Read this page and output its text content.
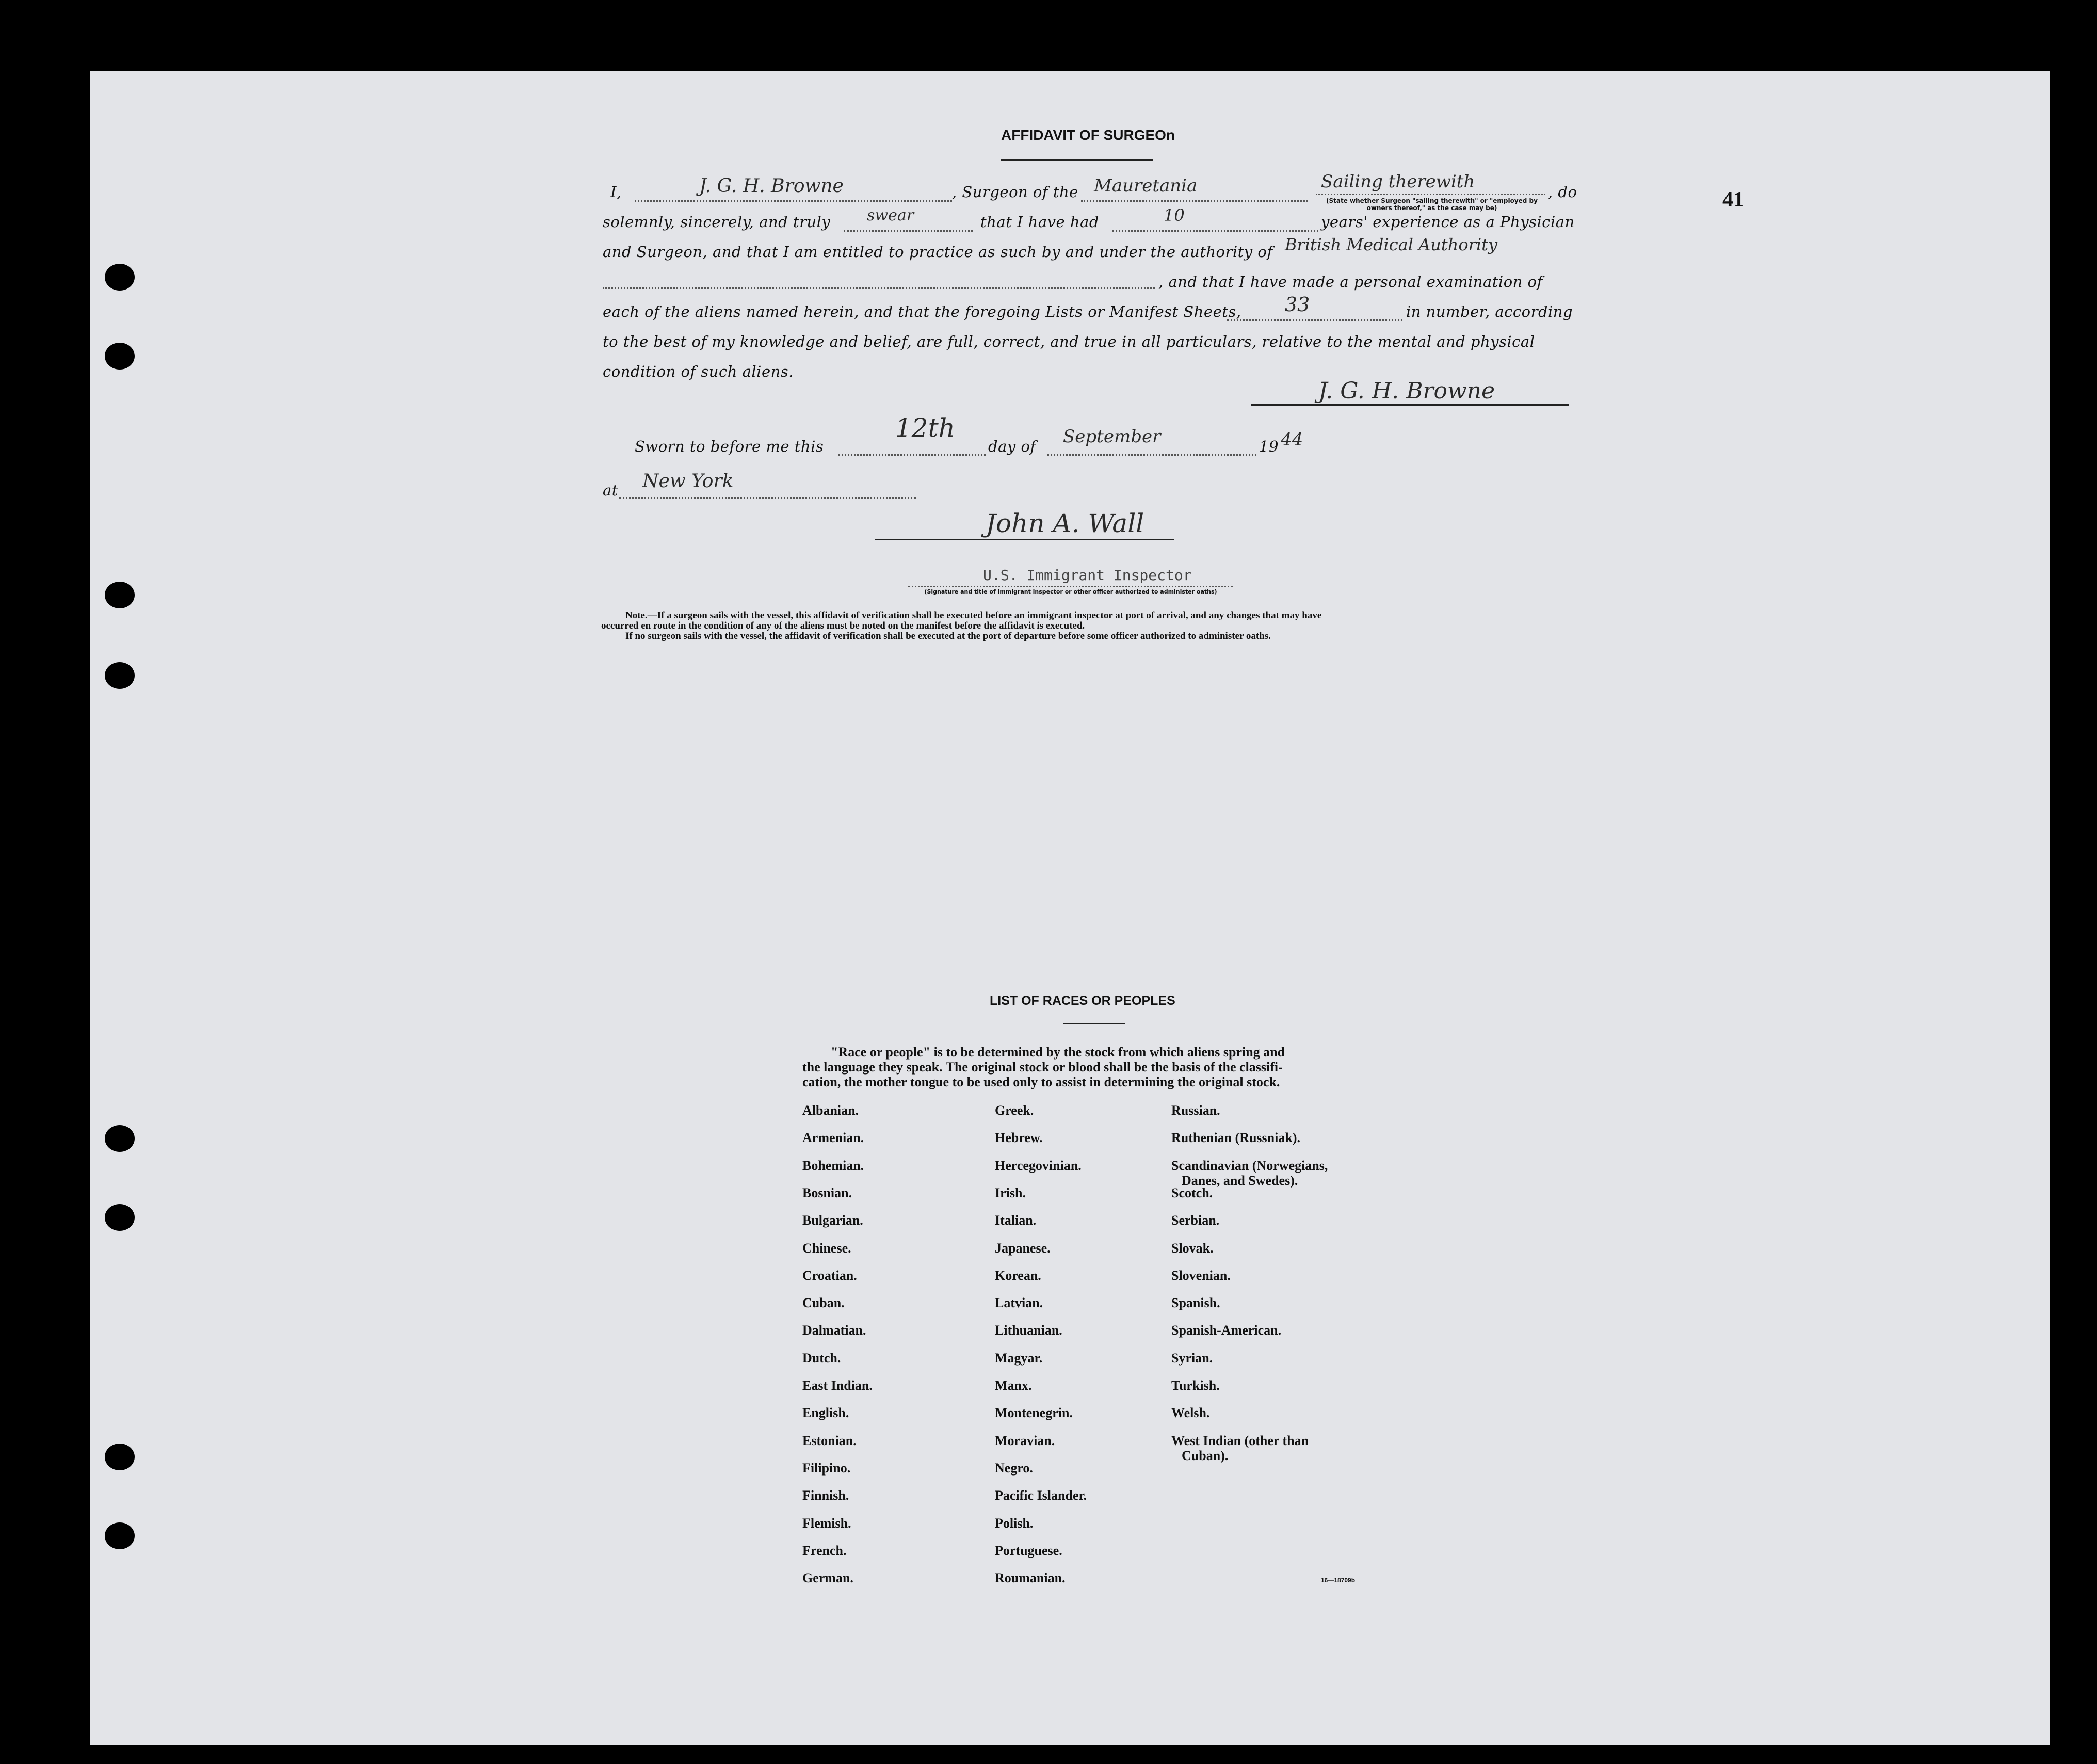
41
AFFIDAVIT OF SURGEOn
I,	J. G. H. Browne	, Surgeon of the Mauretania	Sailing therewith
(State whether Surgeon "sailing therewith" or "employed by owners thereof," as the case may be)
, do
solemnly, sincerely, and truly swear	that I have had	10	years' experience as a Physician
and Surgeon, and that I am entitled to practice as such by and under the authority of British Medical Authority
, and that I have made a personal examination of
each of the aliens named herein, and that the foregoing Lists or Manifest Sheets, 33	in number, according
to the best of my knowledge and belief, are full, correct, and true in all particulars, relative to the mental and physical
condition of such aliens.
J. G. H. Browne
Sworn to before me this
12th
day of September	19 44
at New York
John A. Wall
U.S. Immigrant Inspector
(Signature and title of immigrant inspector or other officer authorized to administer oaths)
Note.—If a surgeon sails with the vessel, this affidavit of verification shall be executed before an immigrant inspector at port of arrival, and any changes that may have
occurred en route in the condition of any of the aliens must be noted on the manifest before the affidavit is executed.
If no surgeon sails with the vessel, the affidavit of verification shall be executed at the port of departure before some officer authorized to administer oaths.
LIST OF RACES OR PEOPLES
"Race or people" is to be determined by the stock from which aliens spring and
the language they speak. The original stock or blood shall be the basis of the classifi-
cation, the mother tongue to be used only to assist in determining the original stock.
16—18709b
Albanian.
Armenian.
Bohemian.
Bosnian.
Bulgarian.
Chinese.
Croatian.
Cuban.
Dalmatian.
Dutch.
East Indian.
English.
Estonian.
Filipino.
Finnish.
Flemish.
French.
German.
Greek.
Hebrew.
Hercegovinian.
Irish.
Italian.
Japanese.
Korean.
Latvian.
Lithuanian.
Magyar.
Manx.
Montenegrin.
Moravian.
Negro.
Pacific Islander.
Polish.
Portuguese.
Roumanian.
Russian.
Ruthenian (Russniak).
Scandinavian (Norwegians,
Danes, and Swedes).
Scotch.
Serbian.
Slovak.
Slovenian.
Spanish.
Spanish-American.
Syrian.
Turkish.
Welsh.
West Indian (other than
Cuban).
